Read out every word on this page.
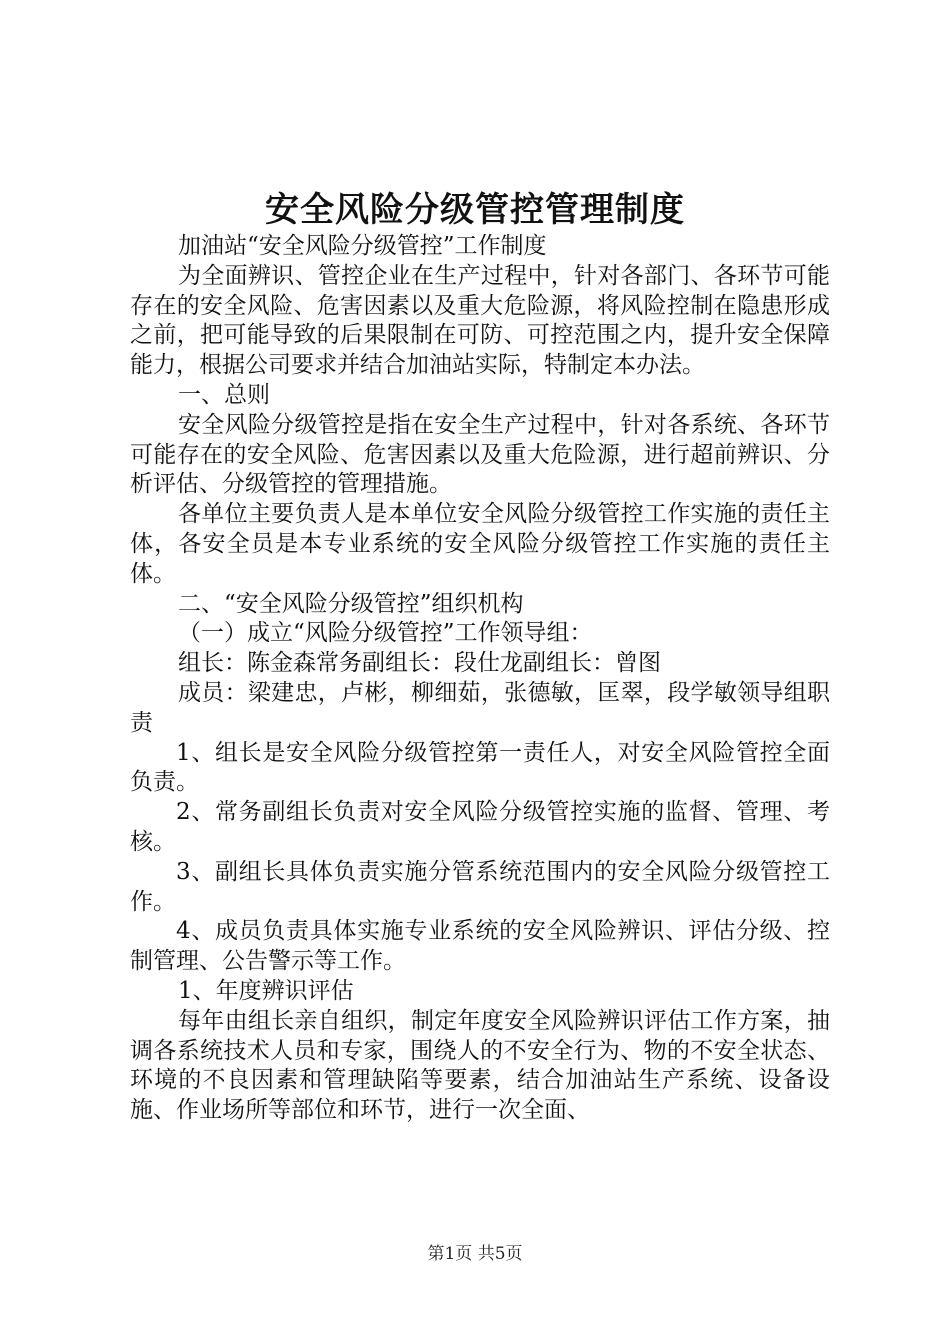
安全风险分级管控管理制度

加油站“安全风险分级管控”工作制度

为全面辨识、管控企业在生产过程中，针对各部门、各环节可能存在的安全风险、危害因素以及重大危险源，将风险控制在隐患形成之前，把可能导致的后果限制在可防、可控范围之内，提升安全保障能力，根据公司要求并结合加油站实际，特制定本办法。

一、总则

安全风险分级管控是指在安全生产过程中，针对各系统、各环节可能存在的安全风险、危害因素以及重大危险源，进行超前辨识、分析评估、分级管控的管理措施。

各单位主要负责人是本单位安全风险分级管控工作实施的责任主体，各安全员是本专业系统的安全风险分级管控工作实施的责任主体。

二、“安全风险分级管控”组织机构

（一）成立“风险分级管控”工作领导组：

组长：陈金森常务副组长：段仕龙副组长：曾图

成员：梁建忠，卢彬，柳细茹，张德敏，匡翠，段学敏领导组职责

1、组长是安全风险分级管控第一责任人，对安全风险管控全面负责。

2、常务副组长负责对安全风险分级管控实施的监督、管理、考核。

3、副组长具体负责实施分管系统范围内的安全风险分级管控工作。

4、成员负责具体实施专业系统的安全风险辨识、评估分级、控制管理、公告警示等工作。

1、年度辨识评估

每年由组长亲自组织，制定年度安全风险辨识评估工作方案，抽调各系统技术人员和专家，围绕人的不安全行为、物的不安全状态、环境的不良因素和管理缺陷等要素，结合加油站生产系统、设备设施、作业场所等部位和环节，进行一次全面、

第1页 共5页
